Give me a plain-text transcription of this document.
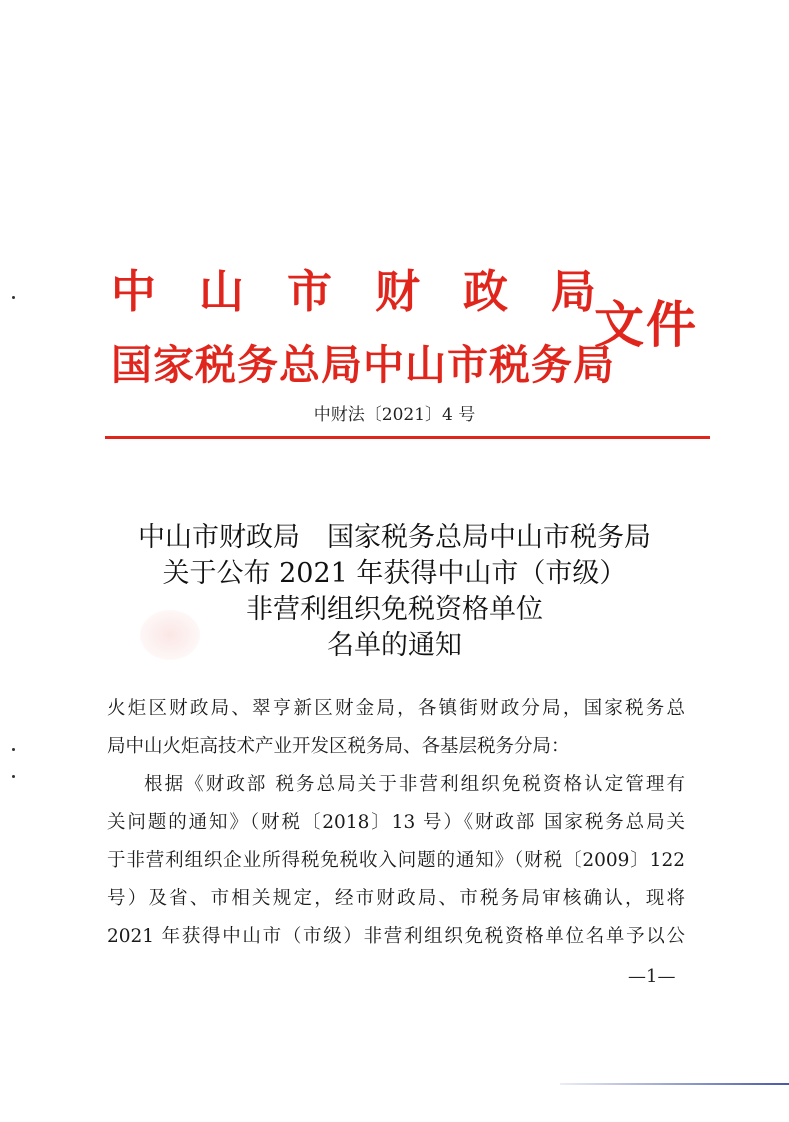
中 山 市 财 政 局
国家税务总局中山市税务局
文件
中财法〔2021〕4 号
中山市财政局　国家税务总局中山市税务局
关于公布 2021 年获得中山市（市级）
非营利组织免税资格单位
名单的通知

火炬区财政局、翠亨新区财金局，各镇街财政分局，国家税务总

局中山火炬高技术产业开发区税务局、各基层税务分局：

根据《财政部 税务总局关于非营利组织免税资格认定管理有

关问题的通知》（财税〔2018〕13 号）《财政部 国家税务总局关

于非营利组织企业所得税免税收入问题的通知》（财税〔2009〕122

号）及省、市相关规定，经市财政局、市税务局审核确认，现将

2021 年获得中山市（市级）非营利组织免税资格单位名单予以公

—1—
